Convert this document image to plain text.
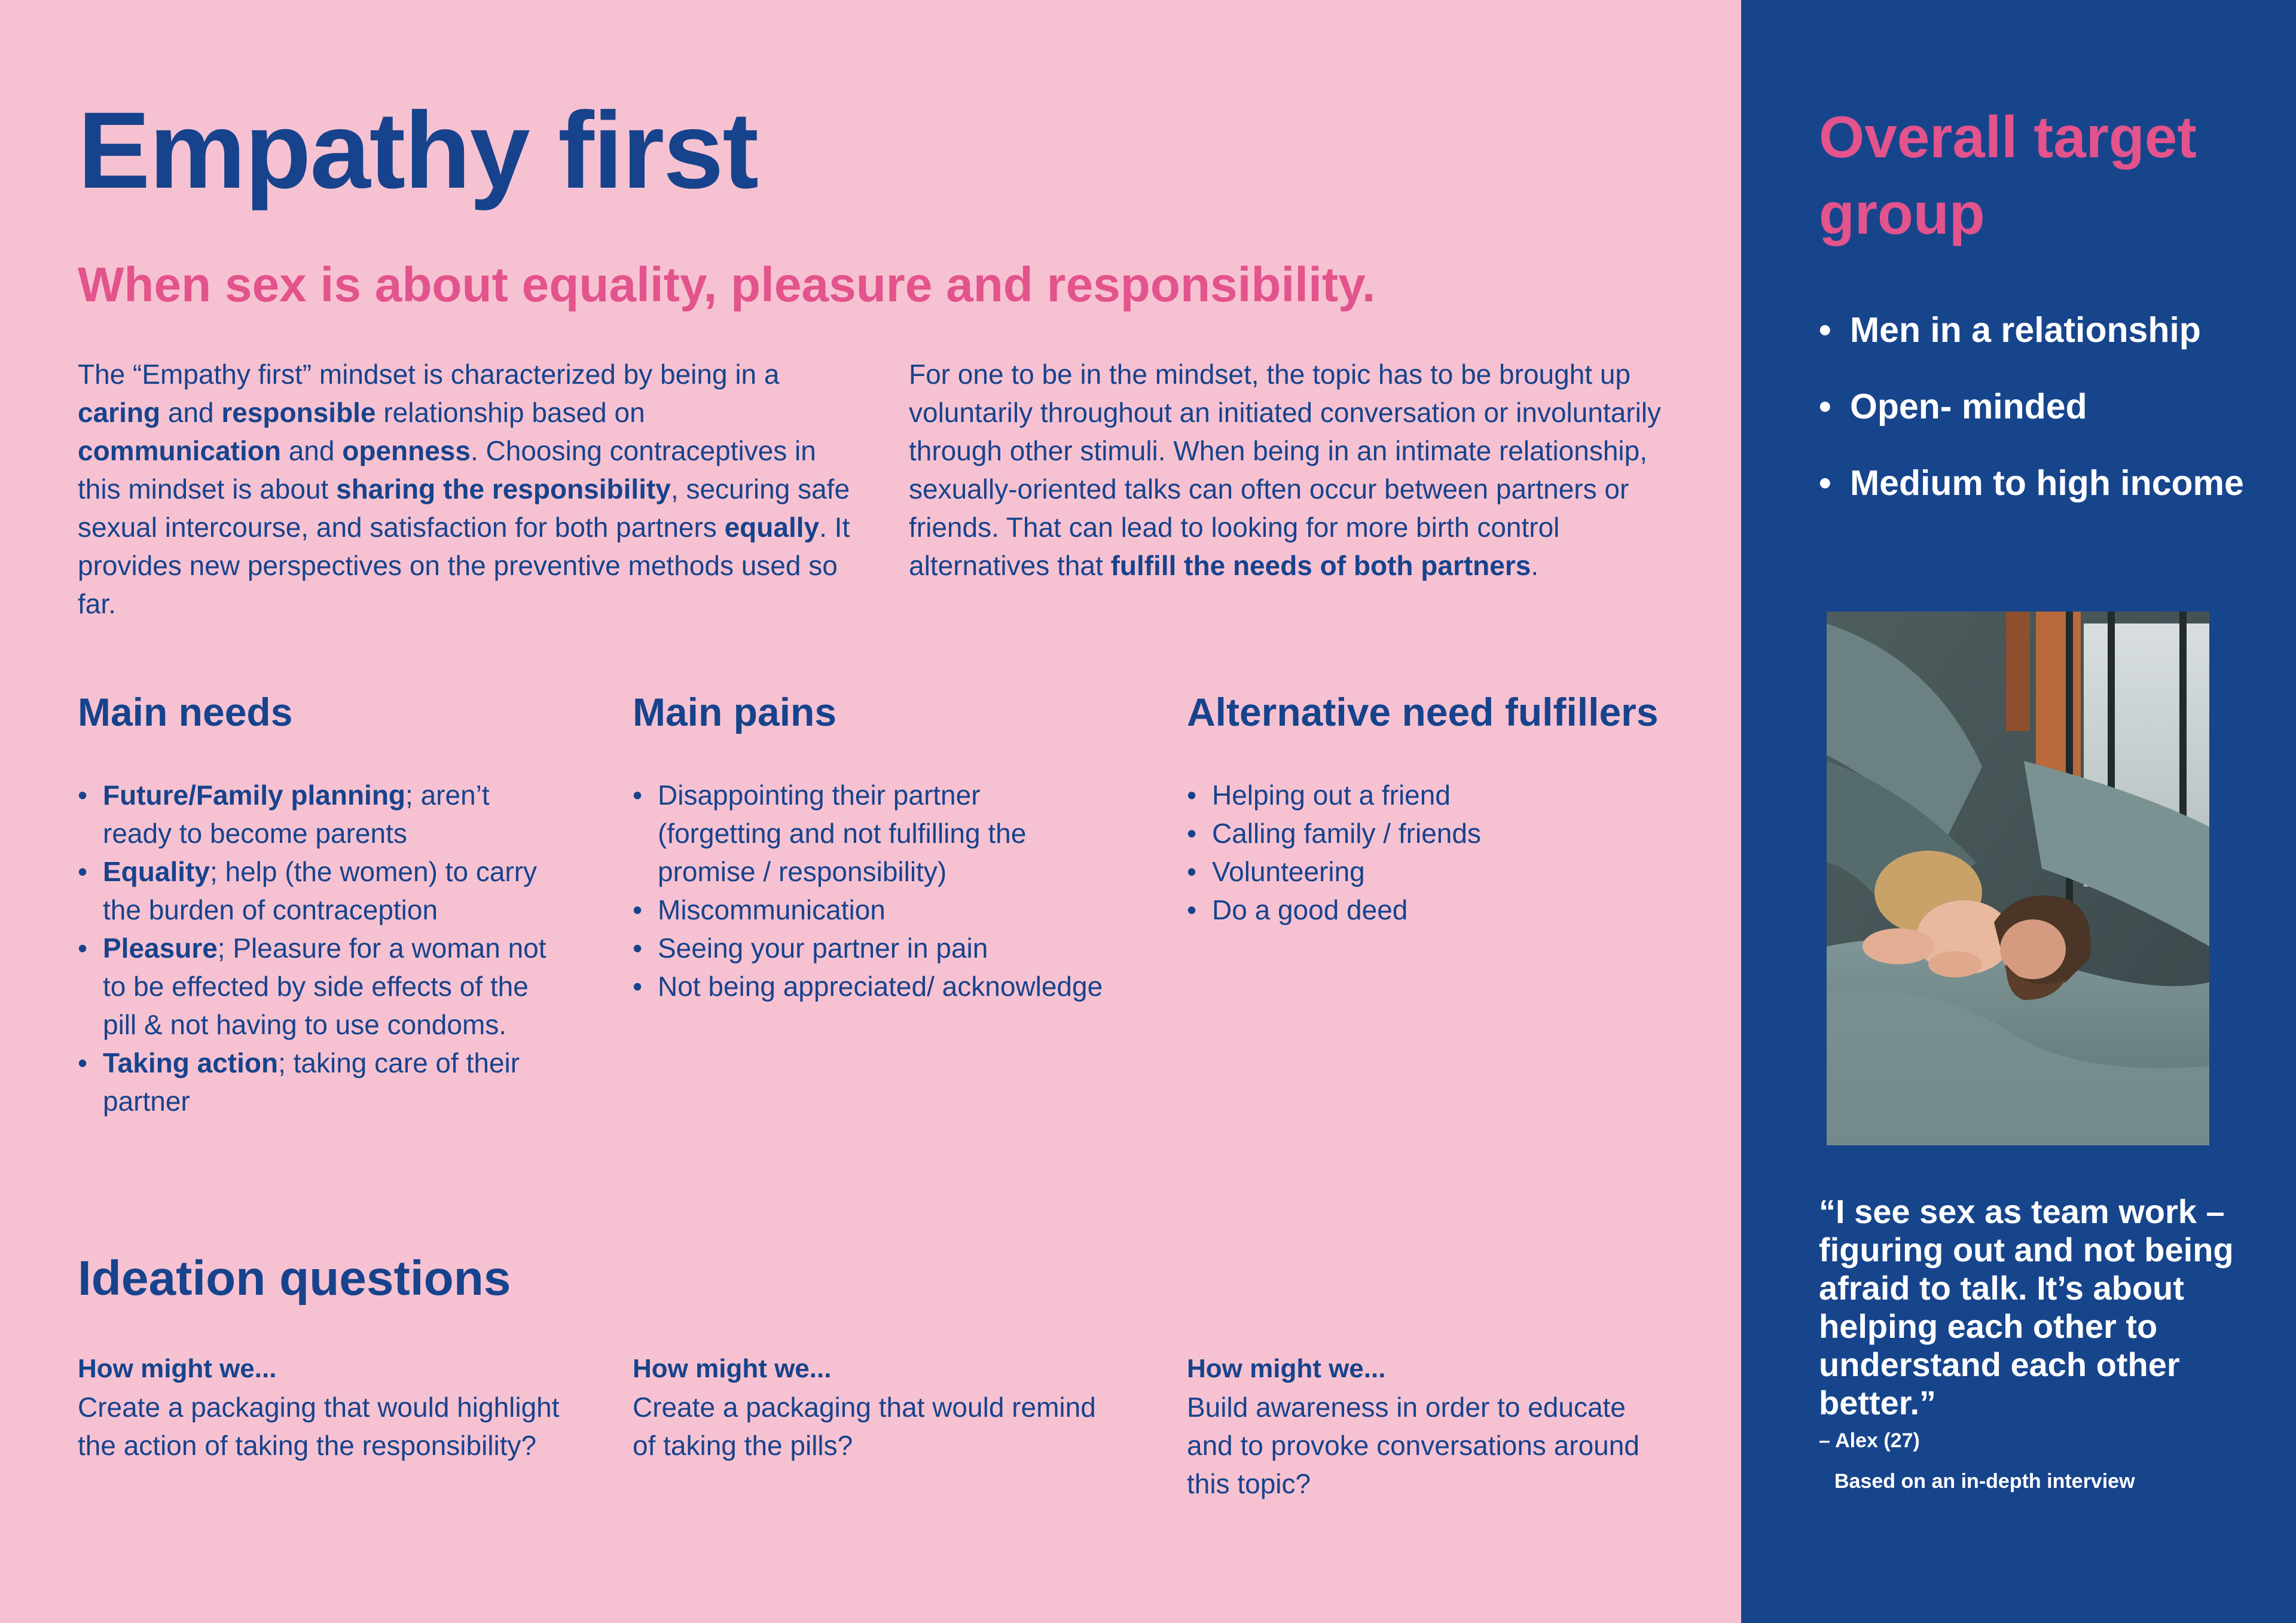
Empathy first
When sex is about equality, pleasure and responsibility.

The “Empathy first” mindset is characterized by being in a caring and responsible relationship based on communication and openness. Choosing contraceptives in this mindset is about sharing the responsibility, securing safe sexual intercourse, and satisfaction for both partners equally. It provides new perspectives on the preventive methods used so far.

For one to be in the mindset, the topic has to be brought up voluntarily throughout an initiated conversation or involuntarily through other stimuli. When being in an intimate relationship, sexually-oriented talks can often occur between partners or friends. That can lead to looking for more birth control alternatives that fulfill the needs of both partners.

Main needs	Main pains	Alternative need fulfillers
• Future/Family planning; aren’t ready to become parents
• Equality; help (the women) to carry the burden of contraception
• Pleasure; Pleasure for a woman not to be effected by side effects of the pill & not having to use condoms.
• Taking action; taking care of their partner
• Disappointing their partner (forgetting and not fulfilling the promise / responsibility)
• Miscommunication
• Seeing your partner in pain
• Not being appreciated/ acknowledge
• Helping out a friend
• Calling family / friends
• Volunteering
• Do a good deed
Ideation questions
How might we...
Create a packaging that would highlight the action of taking the responsibility?
How might we...
Create a packaging that would remind of taking the pills?
How might we...
Build awareness in order to educate and to provoke conversations around this topic?
Overall target group
• Men in a relationship
• Open- minded
• Medium to high income

“I see sex as team work – figuring out and not being afraid to talk. It’s about helping each other to understand each other better.”

– Alex (27)

Based on an in-depth interview
